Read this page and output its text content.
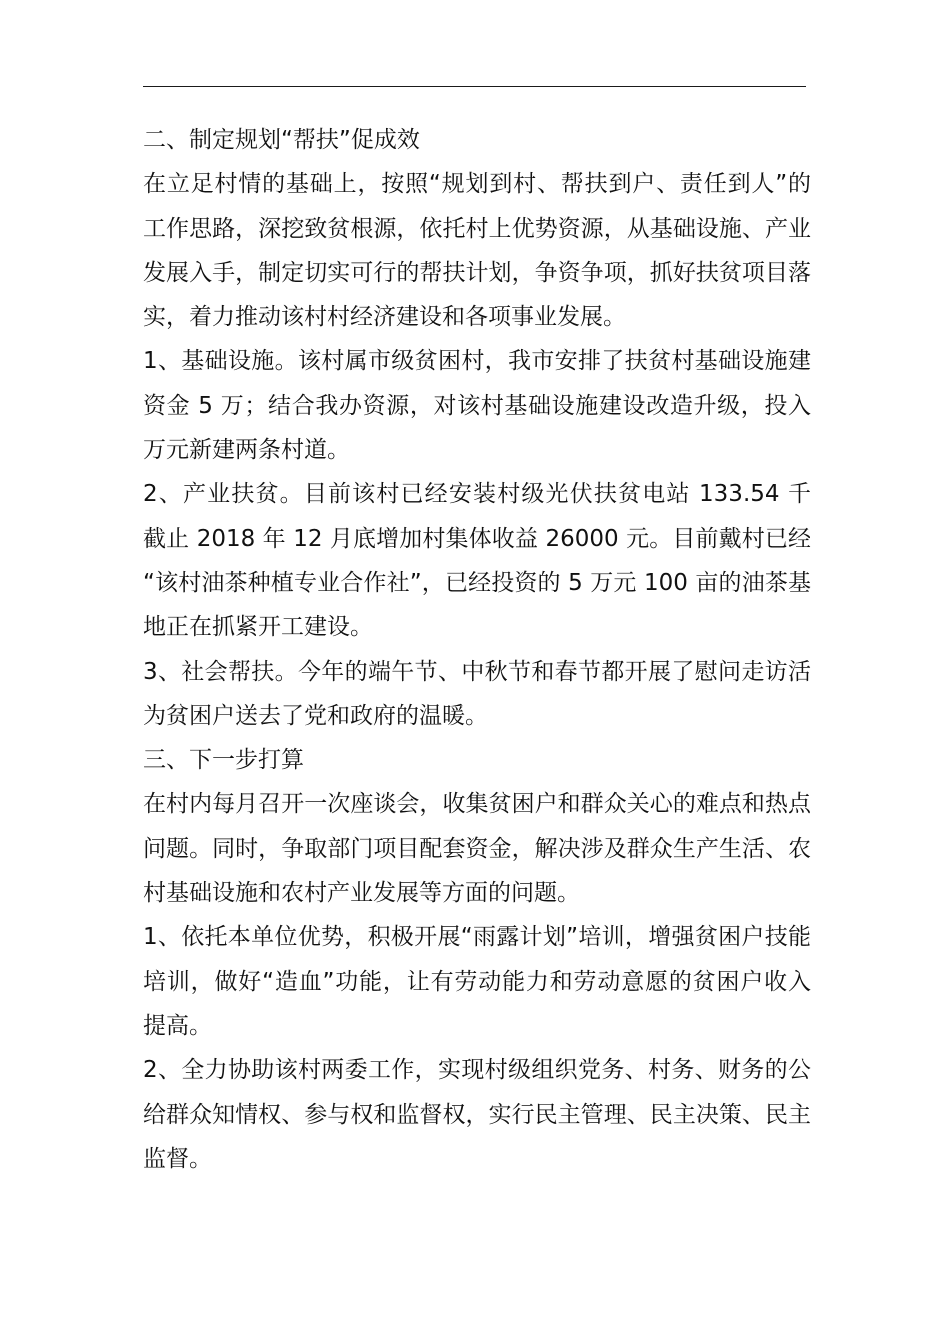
二、制定规划“帮扶”促成效
在立足村情的基础上，按照“规划到村、帮扶到户、责任到人”的
工作思路，深挖致贫根源，依托村上优势资源，从基础设施、产业
发展入手，制定切实可行的帮扶计划，争资争项，抓好扶贫项目落
实，着力推动该村村经济建设和各项事业发展。
1、基础设施。该村属市级贫困村，我市安排了扶贫村基础设施建
资金 5 万；结合我办资源，对该村基础设施建设改造升级，投入
万元新建两条村道。
2、产业扶贫。目前该村已经安装村级光伏扶贫电站 133.54 千
截止 2018 年 12 月底增加村集体收益 26000 元。目前戴村已经
“该村油茶种植专业合作社”，已经投资的 5 万元 100 亩的油茶基
地正在抓紧开工建设。
3、社会帮扶。今年的端午节、中秋节和春节都开展了慰问走访活
为贫困户送去了党和政府的温暖。
三、下一步打算
在村内每月召开一次座谈会，收集贫困户和群众关心的难点和热点
问题。同时，争取部门项目配套资金，解决涉及群众生产生活、农
村基础设施和农村产业发展等方面的问题。
1、依托本单位优势，积极开展“雨露计划”培训，增强贫困户技能
培训，做好“造血”功能，让有劳动能力和劳动意愿的贫困户收入
提高。
2、全力协助该村两委工作，实现村级组织党务、村务、财务的公
给群众知情权、参与权和监督权，实行民主管理、民主决策、民主
监督。
